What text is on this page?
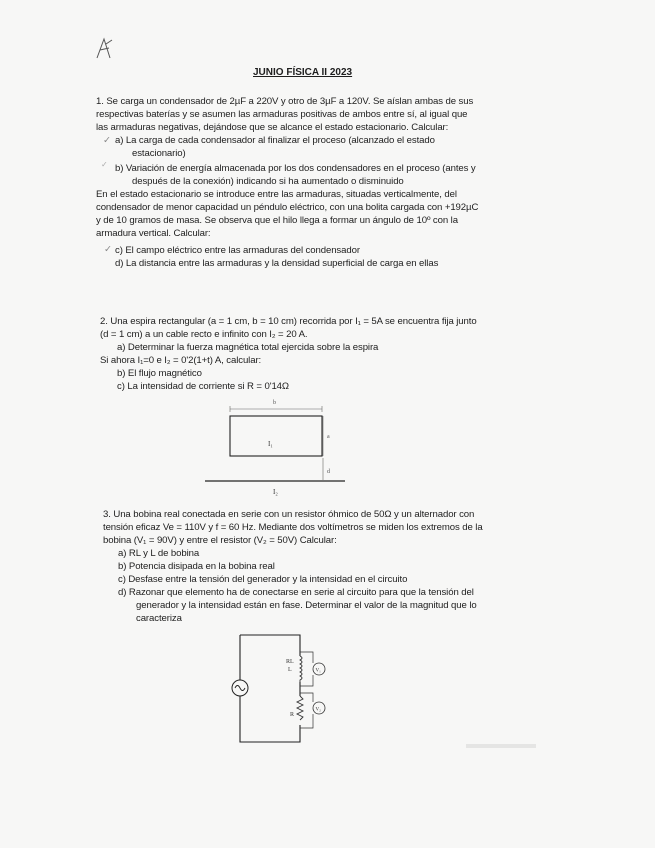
JUNIO FÍSICA II 2023
1. Se carga un condensador de 2µF a 220V y otro de 3µF a 120V. Se aíslan ambas de sus
respectivas baterías y se asumen las armaduras positivas de ambos entre sí, al igual que
las armaduras negativas, dejándose que se alcance el estado estacionario. Calcular:
✓ a) La carga de cada condensador al finalizar el proceso (alcanzado el estado
estacionario)
✓ b) Variación de energía almacenada por los dos condensadores en el proceso (antes y
después de la conexión) indicando si ha aumentado o disminuido
En el estado estacionario se introduce entre las armaduras, situadas verticalmente, del
condensador de menor capacidad un péndulo eléctrico, con una bolita cargada con +192µC
y de 10 gramos de masa. Se observa que el hilo llega a formar un ángulo de 10º con la
armadura vertical. Calcular:
✓ c) El campo eléctrico entre las armaduras del condensador
d) La distancia entre las armaduras y la densidad superficial de carga en ellas
2. Una espira rectangular (a = 1 cm, b = 10 cm) recorrida por I₁ = 5A se encuentra fija junto
(d = 1 cm) a un cable recto e infinito con I₂ = 20 A.
a) Determinar la fuerza magnética total ejercida sobre la espira
Si ahora I₁=0 e I₂ = 0'2(1+t) A, calcular:
b) El flujo magnético
c) La intensidad de corriente si R = 0'14Ω
b
I₁
a
d
I₂
3. Una bobina real conectada en serie con un resistor óhmico de 50Ω y un alternador con
tensión eficaz Ve = 110V y f = 60 Hz. Mediante dos voltímetros se miden los extremos de la
bobina (V₁ = 90V) y entre el resistor (V₂ = 50V) Calcular:
a) RL y L de bobina
b) Potencia disipada en la bobina real
c) Desfase entre la tensión del generador y la intensidad en el circuito
d) Razonar que elemento ha de conectarse en serie al circuito para que la tensión del
generador y la intensidad están en fase. Determinar el valor de la magnitud que lo
caracteriza
RL
L	V₁
R
V₂
